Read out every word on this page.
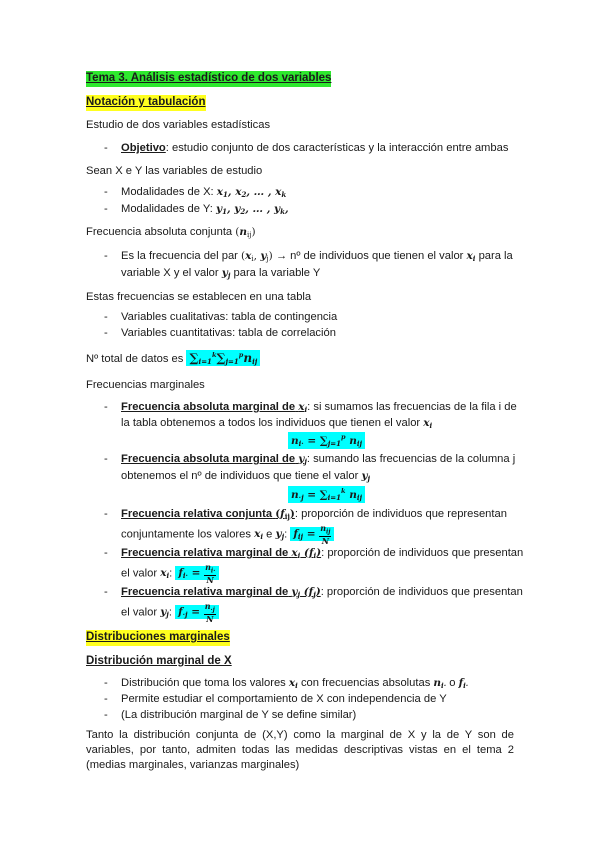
Tema 3. Análisis estadístico de dos variables
Notación y tabulación
Estudio de dos variables estadísticas
- Objetivo: estudio conjunto de dos características y la interacción entre ambas
Sean X e Y las variables de estudio
- Modalidades de X: $x_1$, $x_2$, … , $x_k$
- Modalidades de Y: $y_1$, $y_2$, … , $y_k$,
Frecuencia absoluta conjunta $(n_{ij})$
- Es la frecuencia del par ($x_i$, $y_j$) → nº de individuos que tienen el valor $x_i$ para la
variable X y el valor $y_j$ para la variable Y
Estas frecuencias se establecen en una tabla
- Variables cualitativas: tabla de contingencia
- Variables cuantitativas: tabla de correlación
Nº total de datos es $\sum_{i=1}^k\sum_{j=1}^pn_{ij}$
Frecuencias marginales
- Frecuencia absoluta marginal de $x_i$: si sumamos las frecuencias de la fila i de
la tabla obtenemos a todos los individuos que tienen el valor $x_i$
$n_{i\cdot} = \sum_{j=1}^p$ $n_{ij}$
- Frecuencia absoluta marginal de $y_j$: sumando las frecuencias de la columna j
obtenemos el nº de individuos que tiene el valor $y_j$
$n_{\cdot j} = \sum_{i=1}^k$ $n_{ij}$
- Frecuencia relativa conjunta $(f_{ij})$: proporción de individuos que representan
conjuntamente los valores $x_i$ e $y_j$: $f_{ij} = \frac{n_{ij}}{N}$
- Frecuencia relativa marginal de $x_i$ $(f_i)$: proporción de individuos que presentan
el valor $x_i$: $f_{i\cdot} = \frac{n_{i\cdot}}{N}$
- Frecuencia relativa marginal de $y_j$ $(f_j)$: proporción de individuos que presentan
el valor $y_j$: $f_{\cdot j} = \frac{n_{\cdot j}}{N}$
Distribuciones marginales
Distribución marginal de X
- Distribución que toma los valores $x_i$ con frecuencias absolutas $n_{i\cdot}$ o $f_{i\cdot}$
- Permite estudiar el comportamiento de X con independencia de Y
- (La distribución marginal de Y se define similar)
Tanto la distribución conjunta de (X,Y) como la marginal de X y la de Y son de variables, por tanto, admiten todas las medidas descriptivas vistas en el tema 2 (medias marginales, varianzas marginales)
